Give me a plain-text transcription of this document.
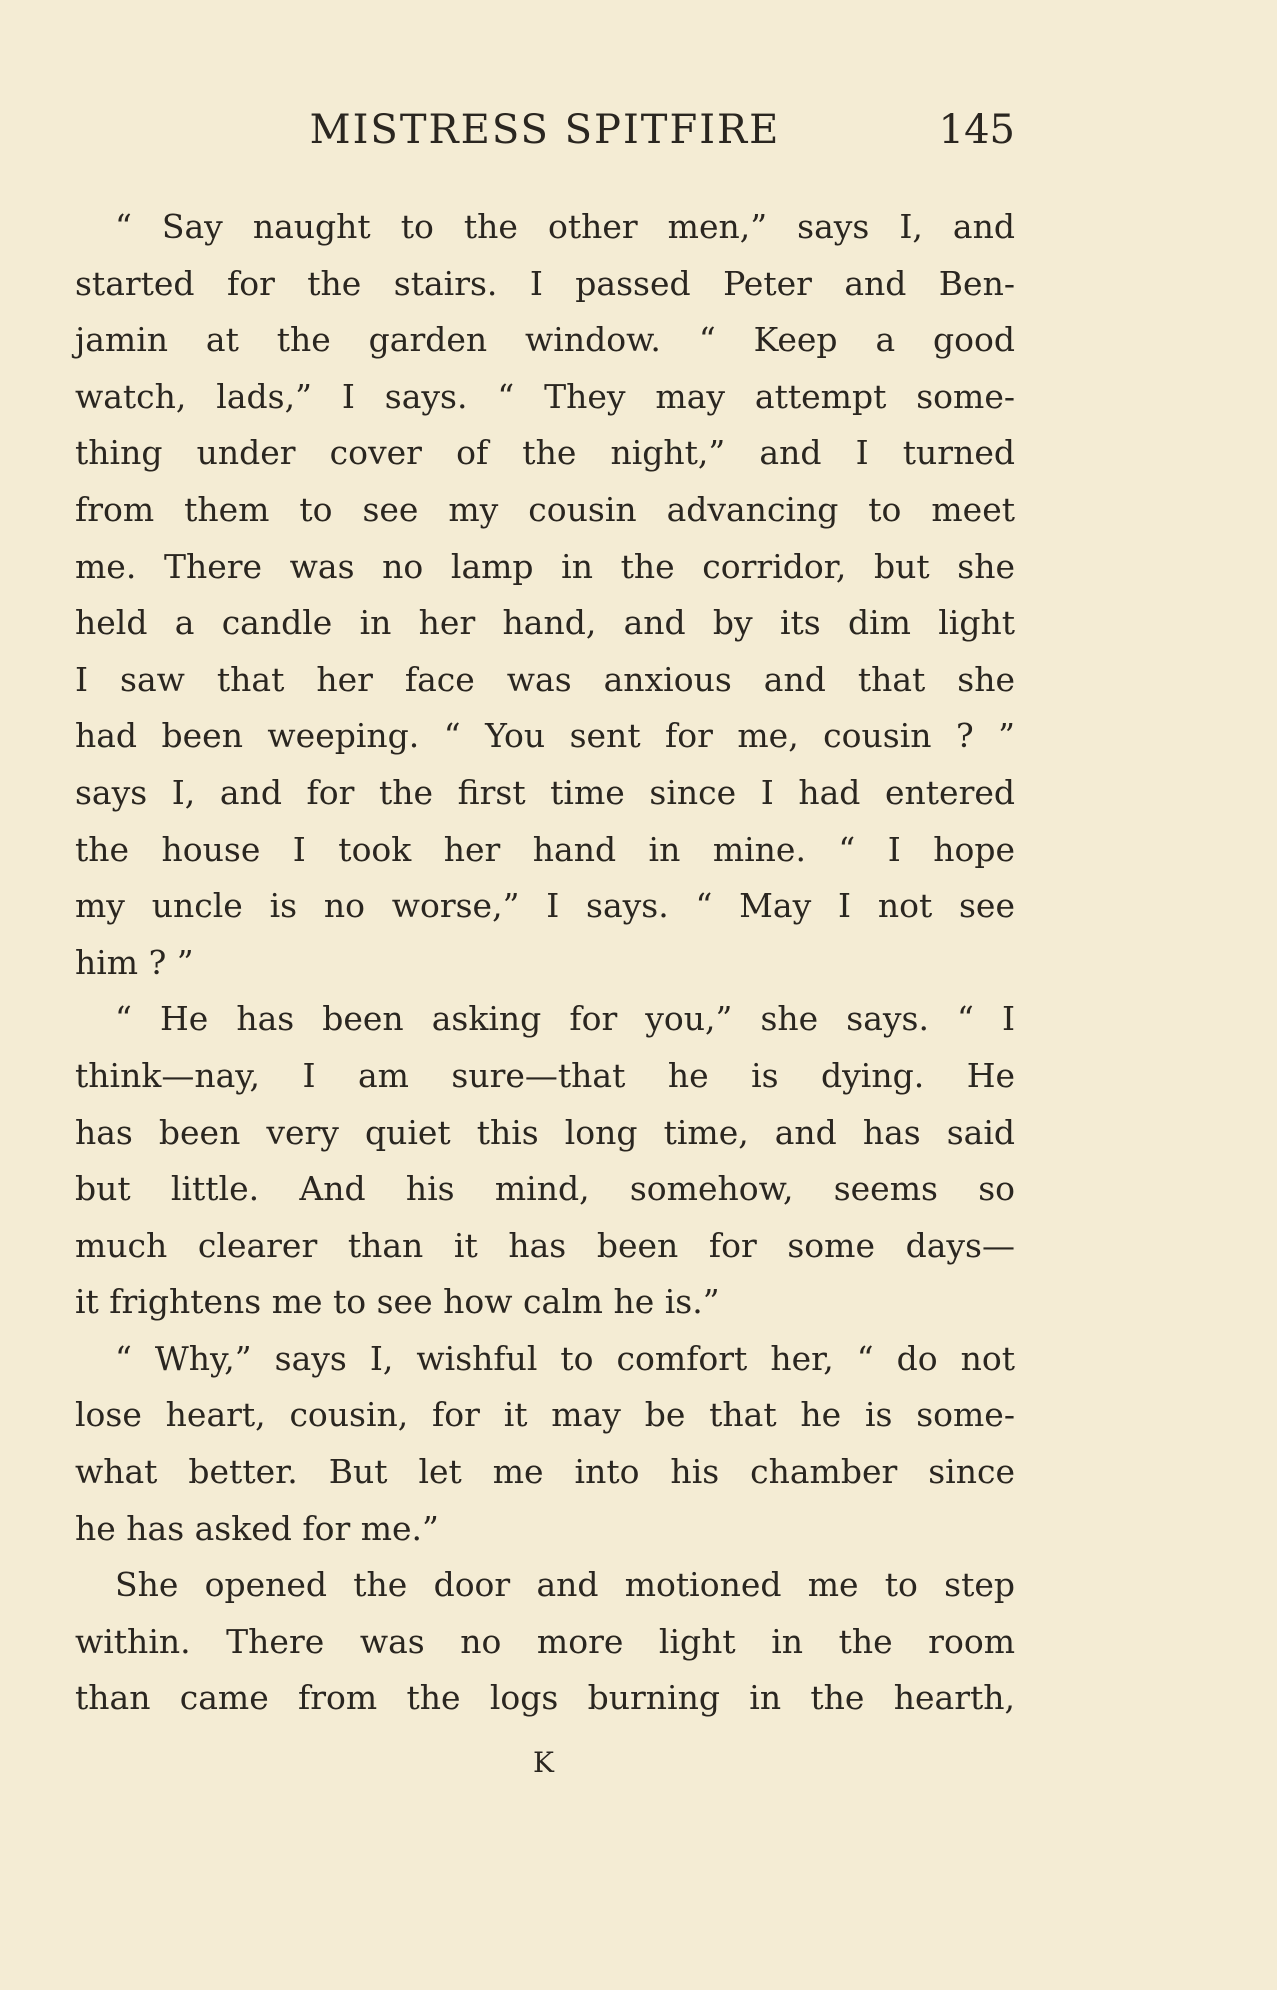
MISTRESS SPITFIRE	145
“ Say naught to the other men,” says I, and
started for the stairs. I passed Peter and Ben-
jamin at the garden window. “ Keep a good
watch, lads,” I says. “ They may attempt some-
thing under cover of the night,” and I turned
from them to see my cousin advancing to meet
me. There was no lamp in the corridor, but she
held a candle in her hand, and by its dim light
I saw that her face was anxious and that she
had been weeping. “ You sent for me, cousin ? ”
says I, and for the first time since I had entered
the house I took her hand in mine. “ I hope
my uncle is no worse,” I says. “ May I not see
him ? ”
“ He has been asking for you,” she says. “ I
think—nay, I am sure—that he is dying. He
has been very quiet this long time, and has said
but little. And his mind, somehow, seems so
much clearer than it has been for some days—
it frightens me to see how calm he is.”
“ Why,” says I, wishful to comfort her, “ do not
lose heart, cousin, for it may be that he is some-
what better. But let me into his chamber since
he has asked for me.”
She opened the door and motioned me to step
within. There was no more light in the room
than came from the logs burning in the hearth,
K
